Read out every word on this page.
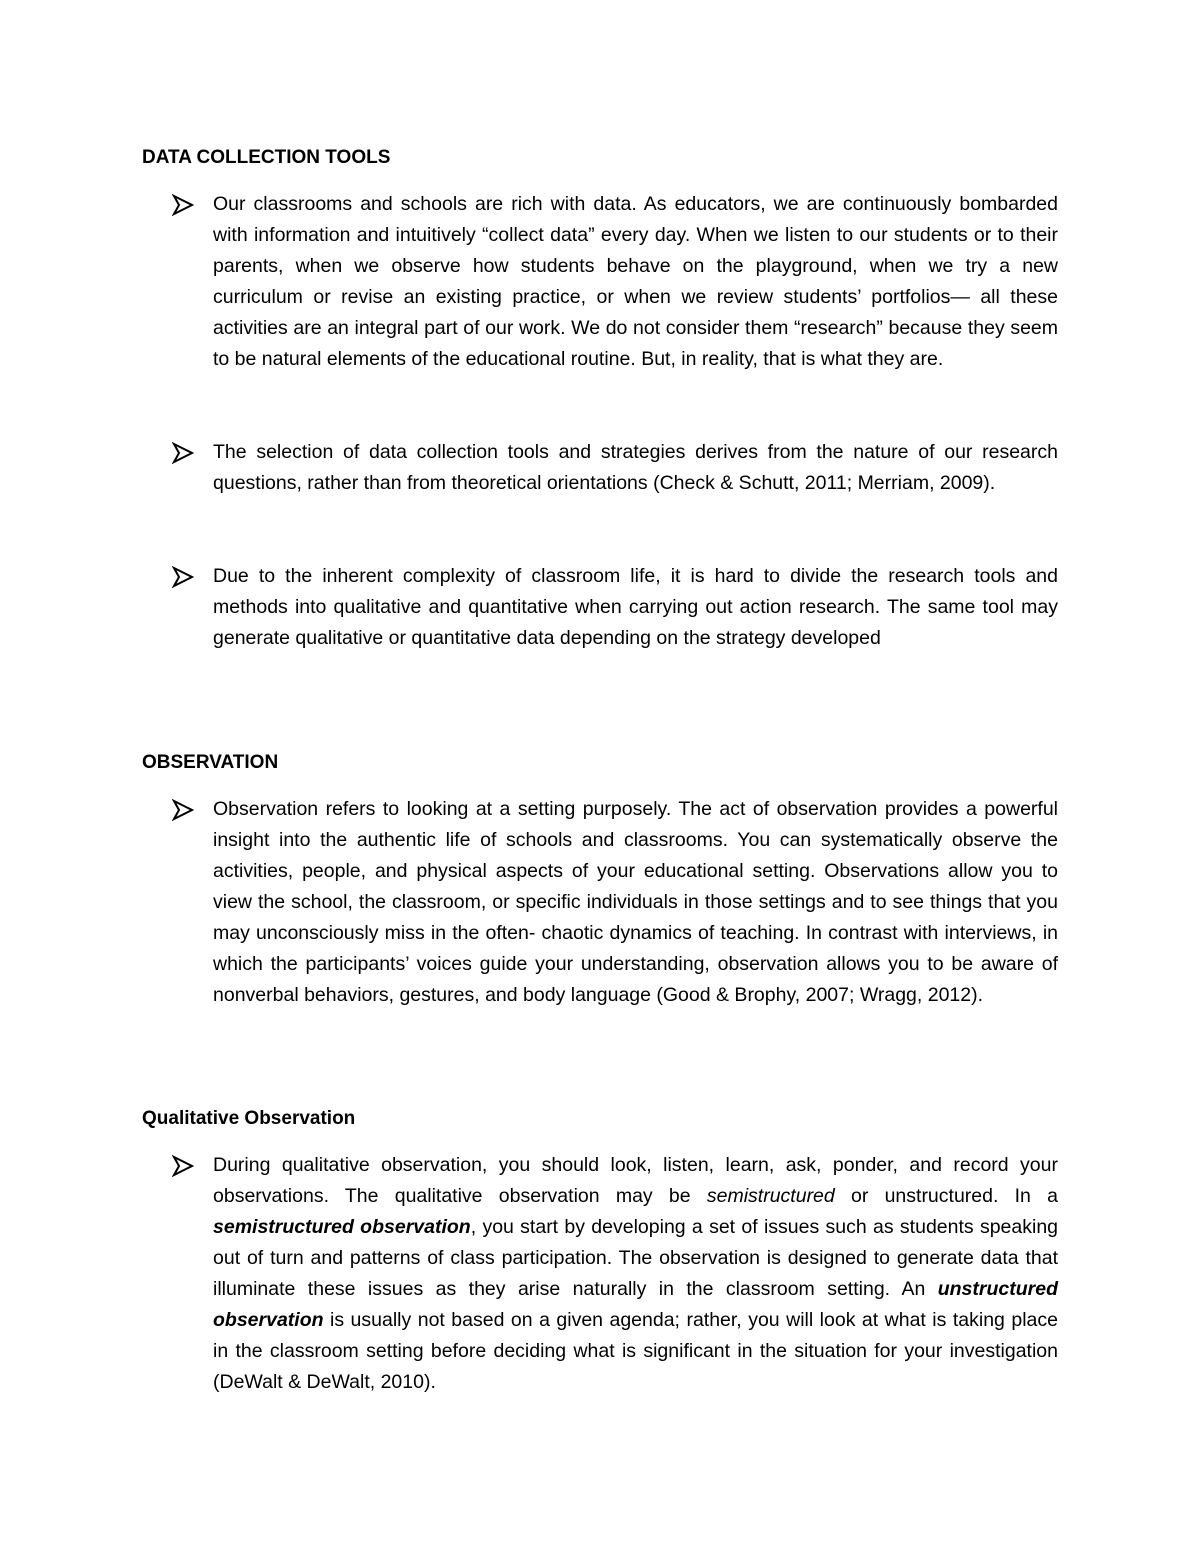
DATA COLLECTION TOOLS
Our classrooms and schools are rich with data. As educators, we are continuously bombarded with information and intuitively “collect data” every day. When we listen to our students or to their parents, when we observe how students behave on the playground, when we try a new curriculum or revise an existing practice, or when we review students’ portfolios— all these activities are an integral part of our work. We do not consider them “research” because they seem to be natural elements of the educational routine. But, in reality, that is what they are.
The selection of data collection tools and strategies derives from the nature of our research questions, rather than from theoretical orientations (Check & Schutt, 2011; Merriam, 2009).
Due to the inherent complexity of classroom life, it is hard to divide the research tools and methods into qualitative and quantitative when carrying out action research. The same tool may generate qualitative or quantitative data depending on the strategy developed
OBSERVATION
Observation refers to looking at a setting purposely. The act of observation provides a powerful insight into the authentic life of schools and classrooms. You can systematically observe the activities, people, and physical aspects of your educational setting. Observations allow you to view the school, the classroom, or specific individuals in those settings and to see things that you may unconsciously miss in the often- chaotic dynamics of teaching. In contrast with interviews, in which the participants’ voices guide your understanding, observation allows you to be aware of nonverbal behaviors, gestures, and body language (Good & Brophy, 2007; Wragg, 2012).
Qualitative Observation
During qualitative observation, you should look, listen, learn, ask, ponder, and record your observations. The qualitative observation may be semistructured or unstructured. In a semistructured observation, you start by developing a set of issues such as students speaking out of turn and patterns of class participation. The observation is designed to generate data that illuminate these issues as they arise naturally in the classroom setting. An unstructured observation is usually not based on a given agenda; rather, you will look at what is taking place in the classroom setting before deciding what is significant in the situation for your investigation (DeWalt & DeWalt, 2010).
